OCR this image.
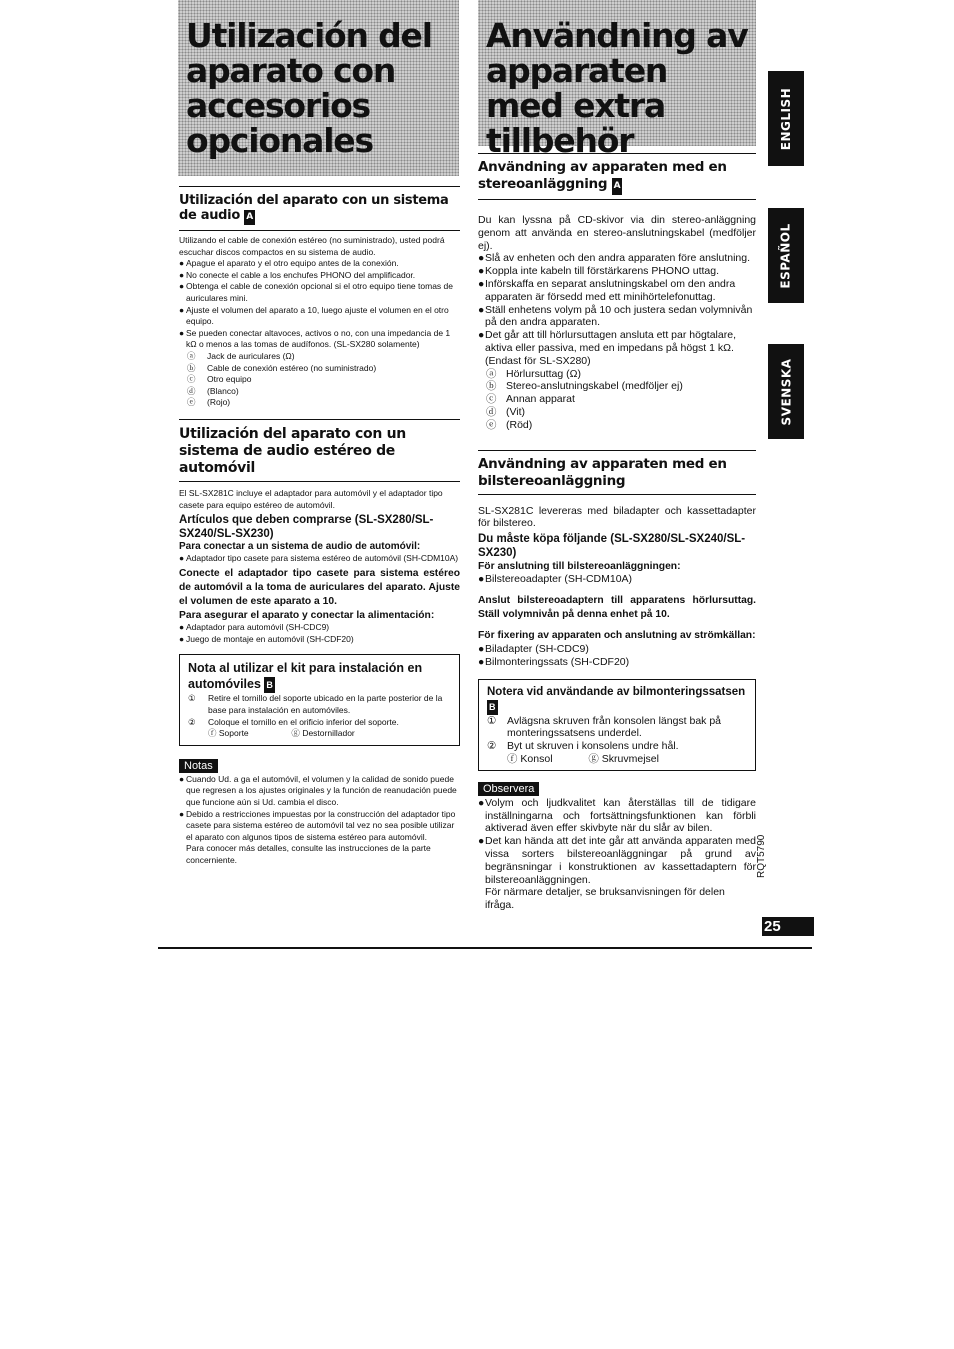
Utilización del aparato con accesorios opcionales
Användning av apparaten med extra tillbehör	ENGLISH
ESPAÑOL
SVENSKA
Utilización del aparato con un sistema de audio A
Utilizando el cable de conexión estéreo (no suministrado), usted podrá escuchar discos compactos en su sistema de audio.
● Apague el aparato y el otro equipo antes de la conexión.
● No conecte el cable a los enchufes PHONO del amplificador.
● Obtenga el cable de conexión opcional si el otro equipo tiene tomas de auriculares mini.
● Ajuste el volumen del aparato a 10, luego ajuste el volumen en el otro equipo.
● Se pueden conectar altavoces, activos o no, con una impedancia de 1 kΩ o menos a las tomas de audífonos. (SL-SX280 solamente)
ⓐ	Jack de auriculares (Ω)
ⓑ	Cable de conexión estéreo (no suministrado)
ⓒ	Otro equipo
ⓓ	(Blanco)
ⓔ	(Rojo)
Utilización del aparato con un sistema de audio estéreo de automóvil
El SL-SX281C incluye el adaptador para automóvil y el adaptador tipo casete para equipo estéreo de automóvil.
Artículos que deben comprarse (SL-SX280/SL-SX240/SL-SX230)
Para conectar a un sistema de audio de automóvil:
● Adaptador tipo casete para sistema estéreo de automóvil (SH-CDM10A)
Conecte el adaptador tipo casete para sistema estéreo de automóvil a la toma de auriculares del aparato. Ajuste el volumen de este aparato a 10.
Para asegurar el aparato y conectar la alimentación:
● Adaptador para automóvil (SH-CDC9)
● Juego de montaje en automóvil (SH-CDF20)
Nota al utilizar el kit para instalación en automóviles B
①	Retire el tornillo del soporte ubicado en la parte posterior de la base para instalación en automóviles.
②	Coloque el tornillo en el orificio inferior del soporte.
ⓕ Soporte	ⓖ Destornillador
Notas
● Cuando Ud. a ga el automóvil, el volumen y la calidad de sonido puede que regresen a los ajustes originales y la función de reanudación puede que funcione aún si Ud. cambia el disco.
● Debido a restricciones impuestas por la construcción del adaptador tipo casete para sistema estéreo de automóvil tal vez no sea posible utilizar el aparato con algunos tipos de sistema estéreo para automóvil.
Para conocer más detalles, consulte las instrucciones de la parte concerniente.
Användning av apparaten med en stereoanläggning A
Du kan lyssna på CD-skivor via din stereo-anläggning genom att använda en stereo-anslutningskabel (medföljer ej).
● Slå av enheten och den andra apparaten före anslutning.
● Koppla inte kabeln till förstärkarens PHONO uttag.
● Införskaffa en separat anslutningskabel om den andra apparaten är försedd med ett minihörtelefonuttag.
● Ställ enhetens volym på 10 och justera sedan volymnivån på den andra apparaten.
● Det går att till hörlursuttagen ansluta ett par högtalare, aktiva eller passiva, med en impedans på högst 1 kΩ. (Endast för SL-SX280)
ⓐ Hörlursuttag (Ω)
ⓑ Stereo-anslutningskabel (medföljer ej)
ⓒ Annan apparat
ⓓ (Vit)
ⓔ (Röd)
Användning av apparaten med en bilstereoanläggning
SL-SX281C levereras med biladapter och kassettadapter för bilstereo.
Du måste köpa följande (SL-SX280/SL-SX240/SL-SX230)
För anslutning till bilstereoanläggningen:
● Bilstereoadapter (SH-CDM10A)
Anslut bilstereoadaptern till apparatens hörlursuttag. Ställ volymnivån på denna enhet på 10.
För fixering av apparaten och anslutning av strömkällan:
● Biladapter (SH-CDC9)
● Bilmonteringssats (SH-CDF20)
Notera vid användande av bilmonteringssatsen B
①	Avlägsna skruven från konsolen längst bak på monteringssatsens underdel.
②	Byt ut skruven i konsolens undre hål.
ⓕ Konsol	ⓖ Skruvmejsel
Observera
● Volym och ljudkvalitet kan återställas till de tidigare inställningarna och fortsättningsfunktionen kan förbli aktiverad även effer skivbyte när du slår av bilen.
● Det kan hända att det inte går att använda apparaten med vissa sorters bilstereoanläggningar på grund av begränsningar i konstruktionen av kassettadaptern för bilstereoanläggningen.
För närmare detaljer, se bruksanvisningen för delen ifråga.
RQT5790
25
